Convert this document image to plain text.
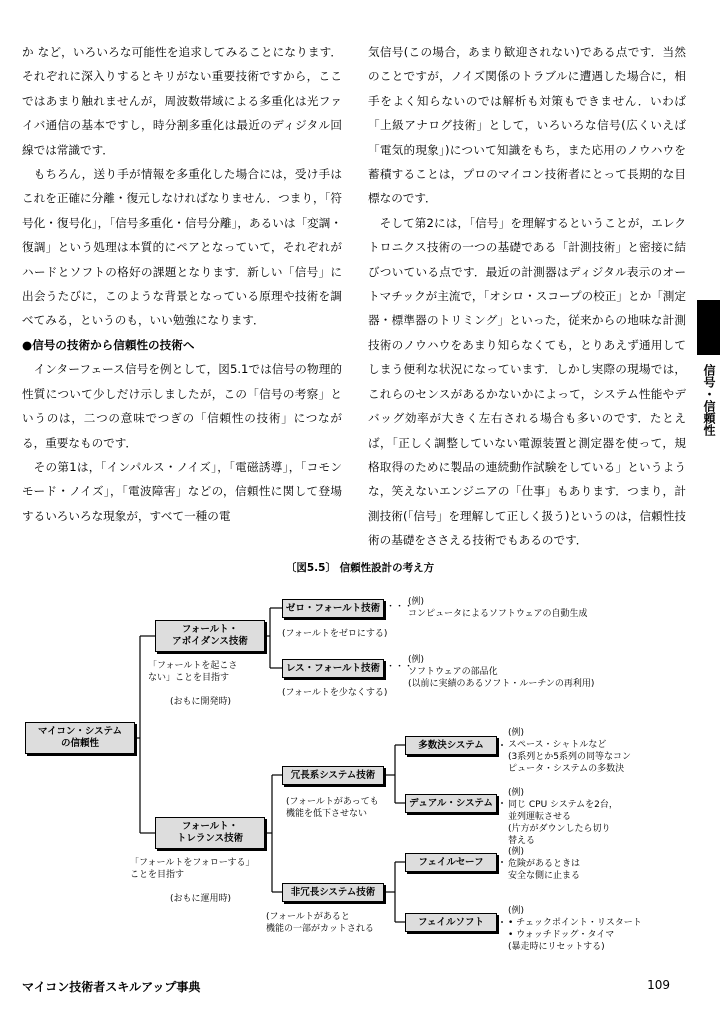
か など，いろいろな可能性を追求してみることになります．それぞれに深入りするとキリがない重要技術ですから，ここではあまり触れませんが，周波数帯域による多重化は光ファイバ通信の基本ですし，時分割多重化は最近のディジタル回線では常識です．

もちろん，送り手が情報を多重化した場合には，受け手はこれを正確に分離・復元しなければなりません．つまり，「符号化・復号化」，「信号多重化・信号分離」，あるいは「変調・復調」という処理は本質的にペアとなっていて，それぞれがハードとソフトの格好の課題となります．新しい「信号」に出会うたびに，このような背景となっている原理や技術を調べてみる，というのも，いい勉強になります．

●信号の技術から信頼性の技術へ

インターフェース信号を例として，図5.1では信号の物理的性質について少しだけ示しましたが，この「信号の考察」というのは，二つの意味でつぎの「信頼性の技術」につながる，重要なものです．

その第1は，「インパルス・ノイズ」，「電磁誘導」，「コモンモード・ノイズ」，「電波障害」などの，信頼性に関して登場するいろいろな現象が，すべて一種の電

気信号(この場合，あまり歓迎されない)である点です．当然のことですが，ノイズ関係のトラブルに遭遇した場合に，相手をよく知らないのでは解析も対策もできません．いわば「上級アナログ技術」として，いろいろな信号(広くいえば「電気的現象」)について知識をもち，また応用のノウハウを蓄積することは，プロのマイコン技術者にとって長期的な目標なのです．

そして第2には，「信号」を理解するということが，エレクトロニクス技術の一つの基礎である「計測技術」と密接に結びついている点です．最近の計測器はディジタル表示のオートマチックが主流で，「オシロ・スコープの校正」とか「測定器・標準器のトリミング」といった，従来からの地味な計測技術のノウハウをあまり知らなくても，とりあえず通用してしまう便利な状況になっています．しかし実際の現場では，これらのセンスがあるかないかによって，システム性能やデバッグ効率が大きく左右される場合も多いのです．たとえば，「正しく調整していない電源装置と測定器を使って，規格取得のために製品の連続動作試験をしている」というような，笑えないエンジニアの「仕事」もあります．つまり，計測技術(「信号」を理解して正しく扱う)というのは，信頼性技術の基礎をささえる技術でもあるのです．

信号・信頼性
〔図5.5〕 信頼性設計の考え方
マイコン・システム
の信頼性
フォールト・
アボイダンス技術
フォールト・
トレランス技術
ゼロ・フォールト技術
レス・フォールト技術
冗長系システム技術
非冗長システム技術
多数決システム
デュアル・システム
フェイルセーフ
フェイルソフト
・・・
・・・
(フォールトをゼロにする)
(フォールトを少なくする)
(例)
コンピュータによるソフトウェアの自動生成
(例)
ソフトウェアの部品化
(以前に実績のあるソフト・ルーチンの再利用)
「フォールトを起こさ
ない」ことを目指す
(おもに開発時)
「フォールトをフォローする」
ことを目指す
(おもに運用時)
(フォールトがあっても
機能を低下させない
(フォールトがあると
機能の一部がカットされる
(例)
スペース・シャトルなど
(3系列とか5系列の同等なコン
ピュータ・システムの多数決
(例)
同じ CPU システムを2台，
並列運転させる
(片方がダウンしたら切り
替える
(例)
危険があるときは
安全な側に止まる
(例)
• チェックポイント・リスタート
• ウォッチドッグ・タイマ
(暴走時にリセットする)
マイコン技術者スキルアップ事典	109
